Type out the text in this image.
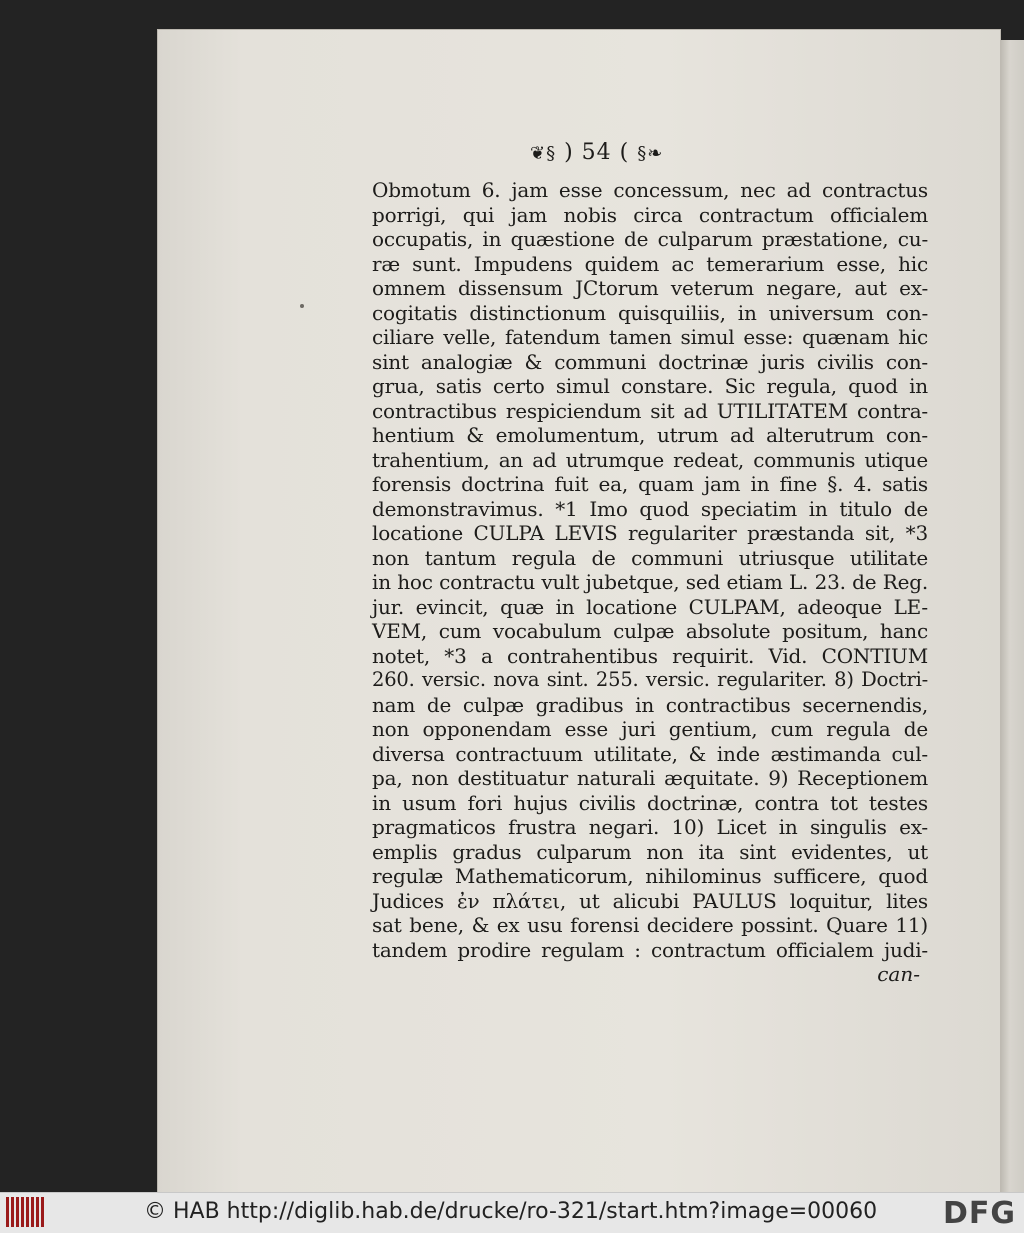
❦§ ) 54 ( §❧
Obmotum 6. jam esse concessum, nec ad contractus
porrigi, qui jam nobis circa contractum officialem
occupatis, in quæstione de culparum præstatione, cu-
ræ sunt. Impudens quidem ac temerarium esse, hic
omnem dissensum JCtorum veterum negare, aut ex-
cogitatis distinctionum quisquiliis, in universum con-
ciliare velle, fatendum tamen simul esse: quænam hic
sint analogiæ & communi doctrinæ juris civilis con-
grua, satis certo simul constare. Sic regula, quod in
contractibus respiciendum sit ad UTILITATEM contra-
hentium & emolumentum, utrum ad alterutrum con-
trahentium, an ad utrumque redeat, communis utique
forensis doctrina fuit ea, quam jam in fine §. 4. satis
demonstravimus. *1 Imo quod speciatim in titulo de
locatione CULPA LEVIS regulariter præstanda sit, *3
non tantum regula de communi utriusque utilitate
in hoc contractu vult jubetque, sed etiam L. 23. de Reg.
jur. evincit, quæ in locatione CULPAM, adeoque LE-
VEM, cum vocabulum culpæ absolute positum, hanc
notet, *3 a contrahentibus requirit. Vid. CONTIUM
260. versic. nova sint. 255. versic. regulariter. 8) Doctri-
nam de culpæ gradibus in contractibus secernendis,
non opponendam esse juri gentium, cum regula de
diversa contractuum utilitate, & inde æstimanda cul-
pa, non destituatur naturali æquitate. 9) Receptionem
in usum fori hujus civilis doctrinæ, contra tot testes
pragmaticos frustra negari. 10) Licet in singulis ex-
emplis gradus culparum non ita sint evidentes, ut
regulæ Mathematicorum, nihilominus sufficere, quod
Judices ἐν πλάτει, ut alicubi PAULUS loquitur, lites
sat bene, & ex usu forensi decidere possint. Quare 11)
tandem prodire regulam : contractum officialem judi-
can-
© HAB http://diglib.hab.de/drucke/ro-321/start.htm?image=00060 DFG
